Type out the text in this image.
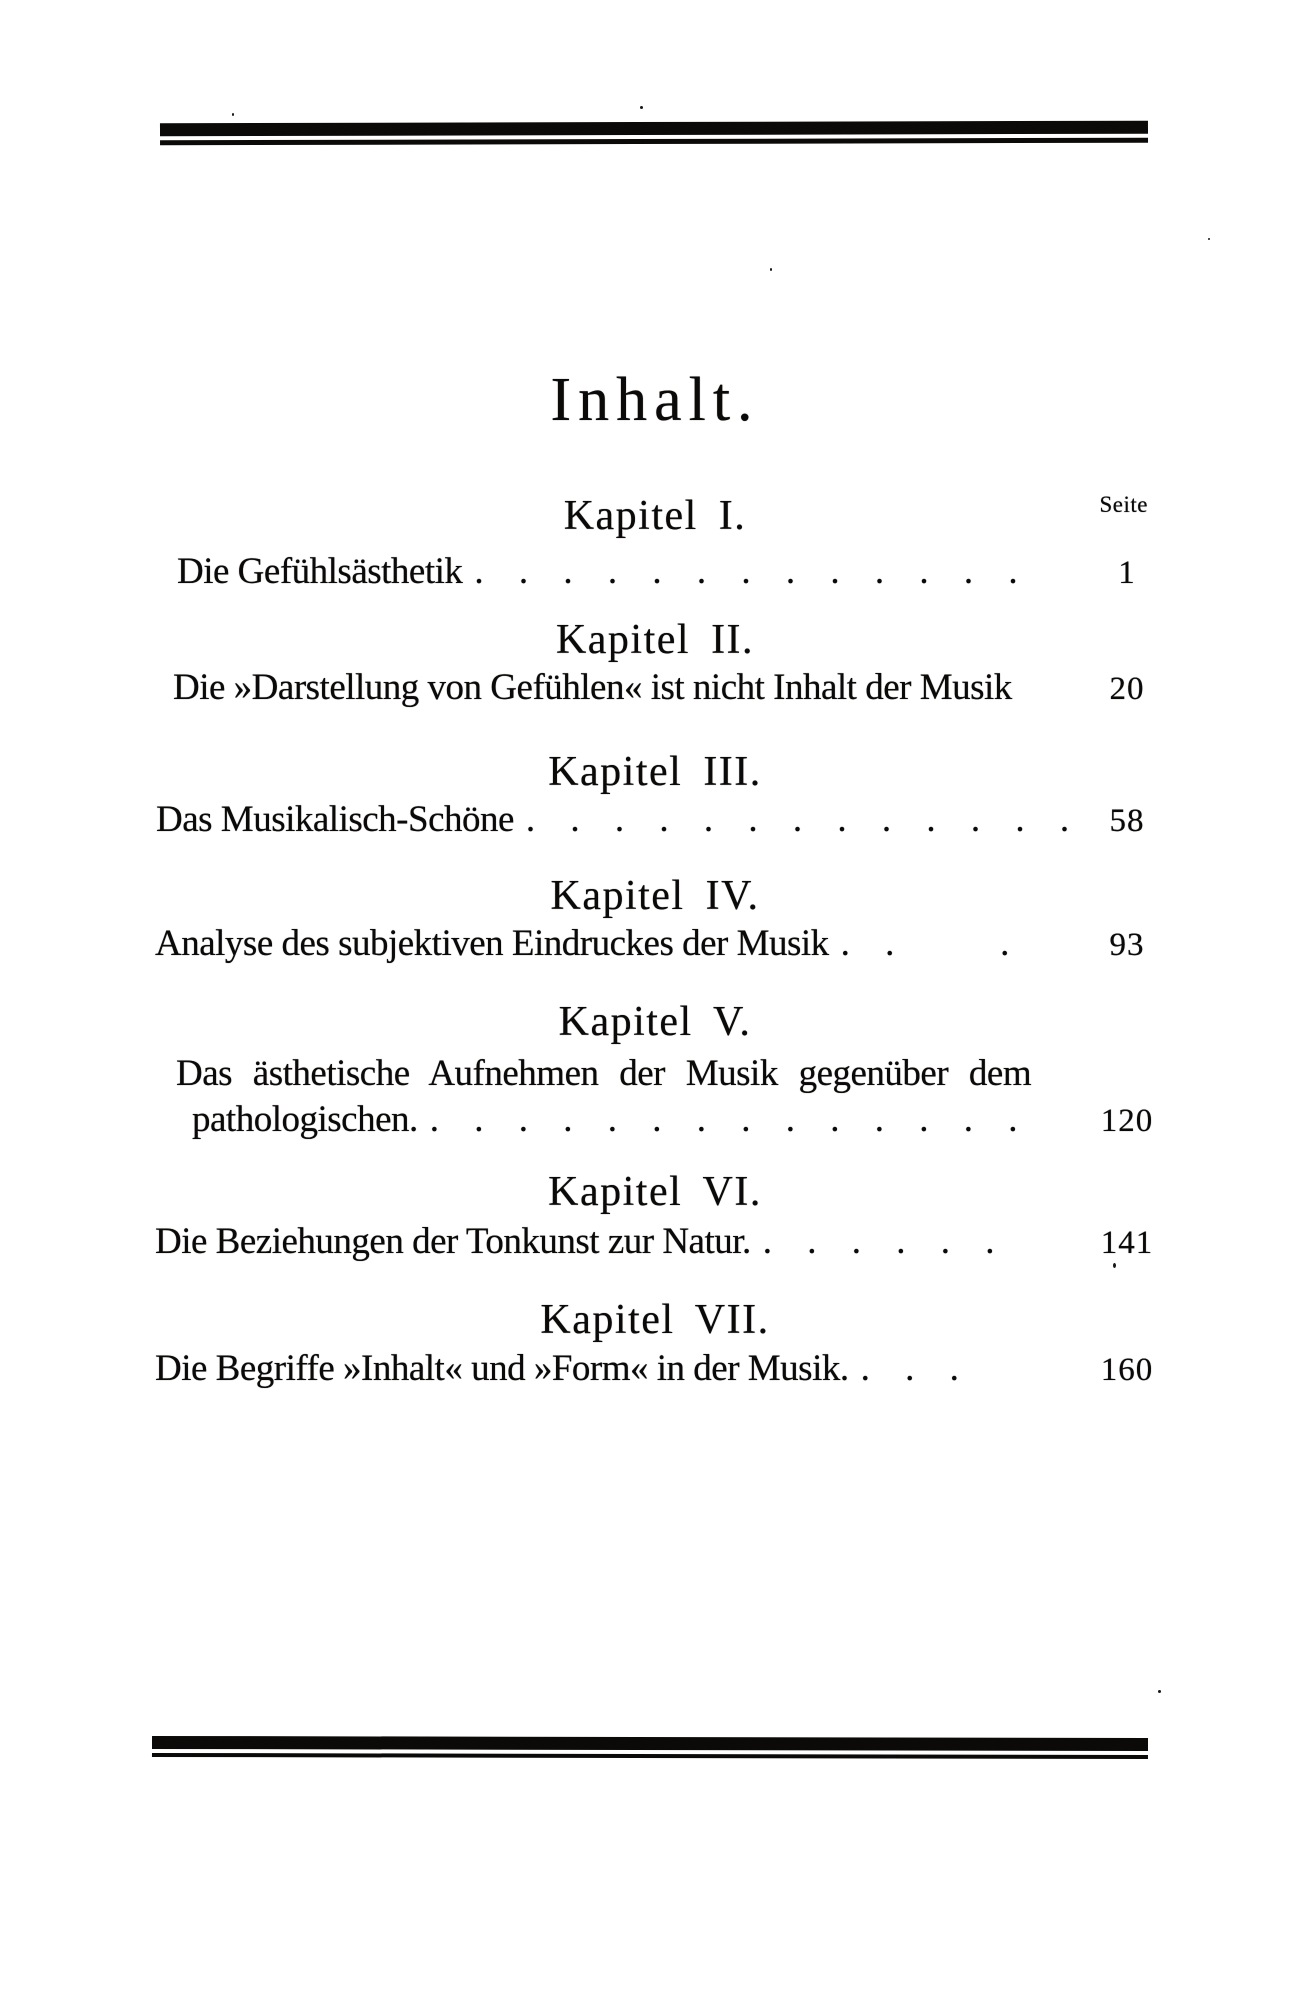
Inhalt.
Seite
Kapitel I.
Die Gefühlsästhetik . . . . . . . . . . . . .	1
Kapitel II.
Die »Darstellung von Gefühlen« ist nicht Inhalt der Musik	20
Kapitel III.
Das Musikalisch-Schöne . . . . . . . . . . . . .	58
Kapitel IV.
Analyse des subjektiven Eindruckes der Musik . .   .	93
Kapitel V.
Das ästhetische Aufnehmen der Musik gegenüber dem
pathologischen. . . . . . . . . . . . . . .	120
Kapitel VI.
Die Beziehungen der Tonkunst zur Natur. . . . . . .	141
Kapitel VII.
Die Begriffe »Inhalt« und »Form« in der Musik. . . .	160
